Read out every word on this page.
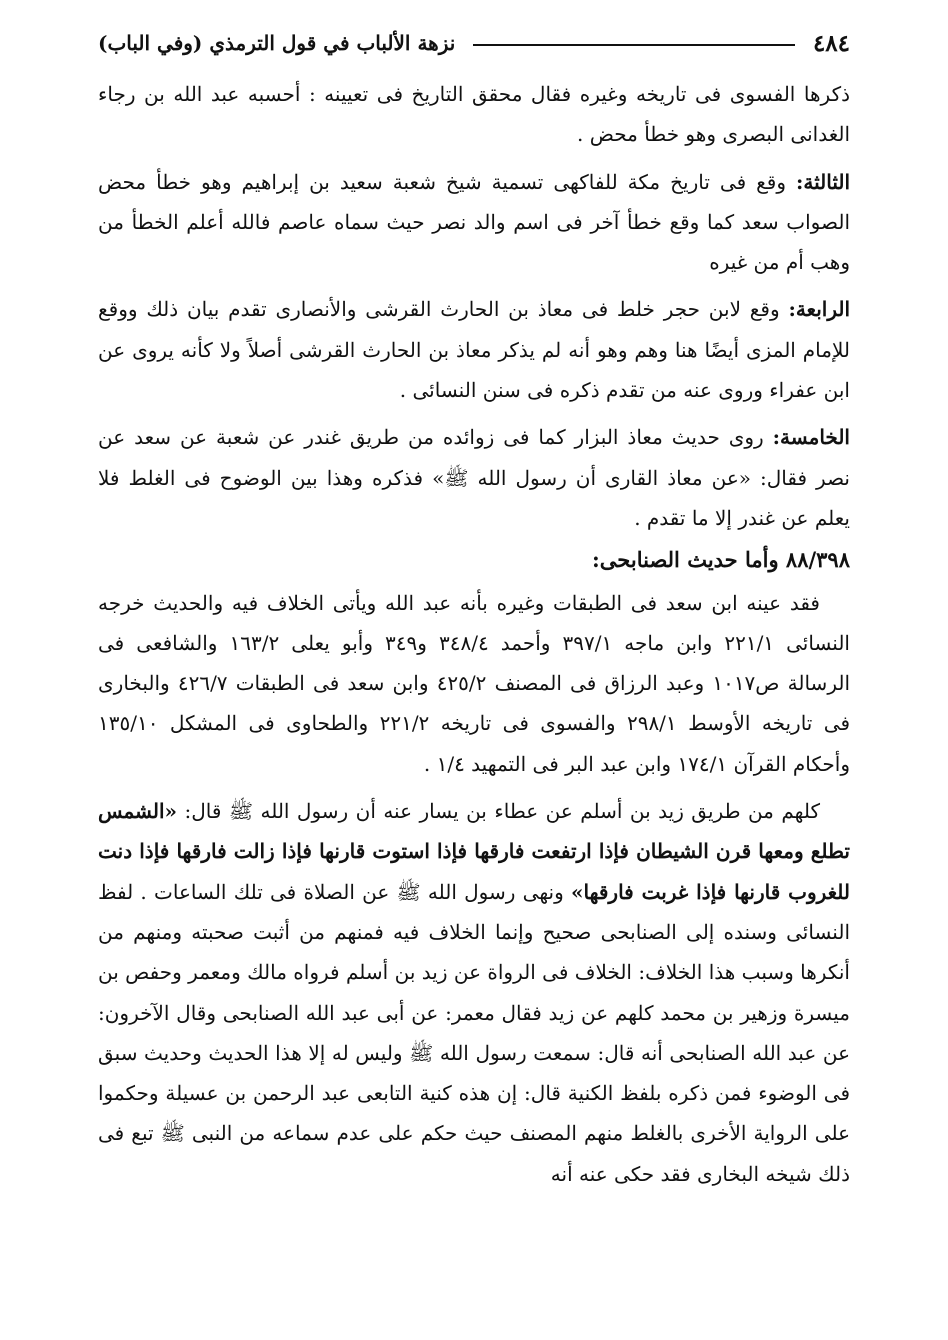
٤٨٤
نزهة الألباب في قول الترمذي (وفي الباب)

ذكرها الفسوى فى تاريخه وغيره فقال محقق التاريخ فى تعيينه : أحسبه عبد الله بن رجاء الغدانى البصرى وهو خطأ محض .

الثالثة: وقع فى تاريخ مكة للفاكهى تسمية شيخ شعبة سعيد بن إبراهيم وهو خطأ محض الصواب سعد كما وقع خطأ آخر فى اسم والد نصر حيث سماه عاصم فالله أعلم الخطأ من وهب أم من غيره

الرابعة: وقع لابن حجر خلط فى معاذ بن الحارث القرشى والأنصارى تقدم بيان ذلك ووقع للإمام المزى أيضًا هنا وهم وهو أنه لم يذكر معاذ بن الحارث القرشى أصلاً ولا كأنه يروى عن ابن عفراء وروى عنه من تقدم ذكره فى سنن النسائى .

الخامسة: روى حديث معاذ البزار كما فى زوائده من طريق غندر عن شعبة عن سعد عن نصر فقال: «عن معاذ القارى أن رسول الله ﷺ» فذكره وهذا بين الوضوح فى الغلط فلا يعلم عن غندر إلا ما تقدم .

٨٨/٣٩٨ وأما حديث الصنابحى:

فقد عينه ابن سعد فى الطبقات وغيره بأنه عبد الله ويأتى الخلاف فيه والحديث خرجه النسائى ٢٢١/١ وابن ماجه ٣٩٧/١ وأحمد ٣٤٨/٤ و٣٤٩ وأبو يعلى ١٦٣/٢ والشافعى فى الرسالة ص١٠١٧ وعبد الرزاق فى المصنف ٤٢٥/٢ وابن سعد فى الطبقات ٤٢٦/٧ والبخارى فى تاريخه الأوسط ٢٩٨/١ والفسوى فى تاريخه ٢٢١/٢ والطحاوى فى المشكل ١٣٥/١٠ وأحكام القرآن ١٧٤/١ وابن عبد البر فى التمهيد ١/٤ .

كلهم من طريق زيد بن أسلم عن عطاء بن يسار عنه أن رسول الله ﷺ قال: «الشمس تطلع ومعها قرن الشيطان فإذا ارتفعت فارقها فإذا استوت قارنها فإذا زالت فارقها فإذا دنت للغروب قارنها فإذا غربت فارقها» ونهى رسول الله ﷺ عن الصلاة فى تلك الساعات . لفظ النسائى وسنده إلى الصنابحى صحيح وإنما الخلاف فيه فمنهم من أثبت صحبته ومنهم من أنكرها وسبب هذا الخلاف: الخلاف فى الرواة عن زيد بن أسلم فرواه مالك ومعمر وحفص بن ميسرة وزهير بن محمد كلهم عن زيد فقال معمر: عن أبى عبد الله الصنابحى وقال الآخرون: عن عبد الله الصنابحى أنه قال: سمعت رسول الله ﷺ وليس له إلا هذا الحديث وحديث سبق فى الوضوء فمن ذكره بلفظ الكنية قال: إن هذه كنية التابعى عبد الرحمن بن عسيلة وحكموا على الرواية الأخرى بالغلط منهم المصنف حيث حكم على عدم سماعه من النبى ﷺ تبع فى ذلك شيخه البخارى فقد حكى عنه أنه
